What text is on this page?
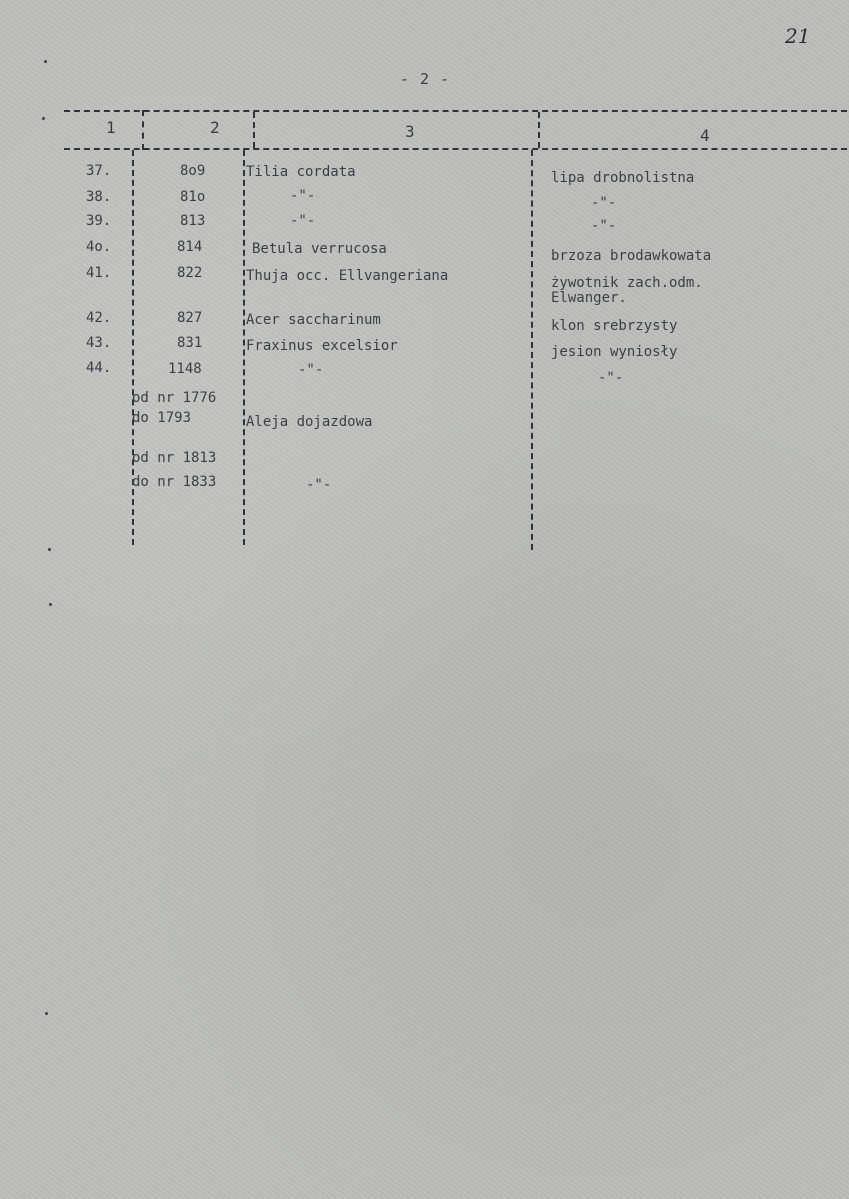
21
- 2 -
1	2	3	4
37.	8o9	Tilia cordata	lipa drobnolistna
38.	81o	-"-	-"-
39.	813	-"-	-"-
4o.	814	Betula verrucosa	brzoza brodawkowata
41.	822	Thuja occ. Ellvangeriana	żywotnik zach.odm.
Elwanger.
42.	827	Acer saccharinum	klon srebrzysty
43.	831	Fraxinus excelsior	jesion wyniosły
44.	1148	-"-	-"-
od nr 1776
do 1793	Aleja dojazdowa
od nr 1813
do nr 1833	-"-
